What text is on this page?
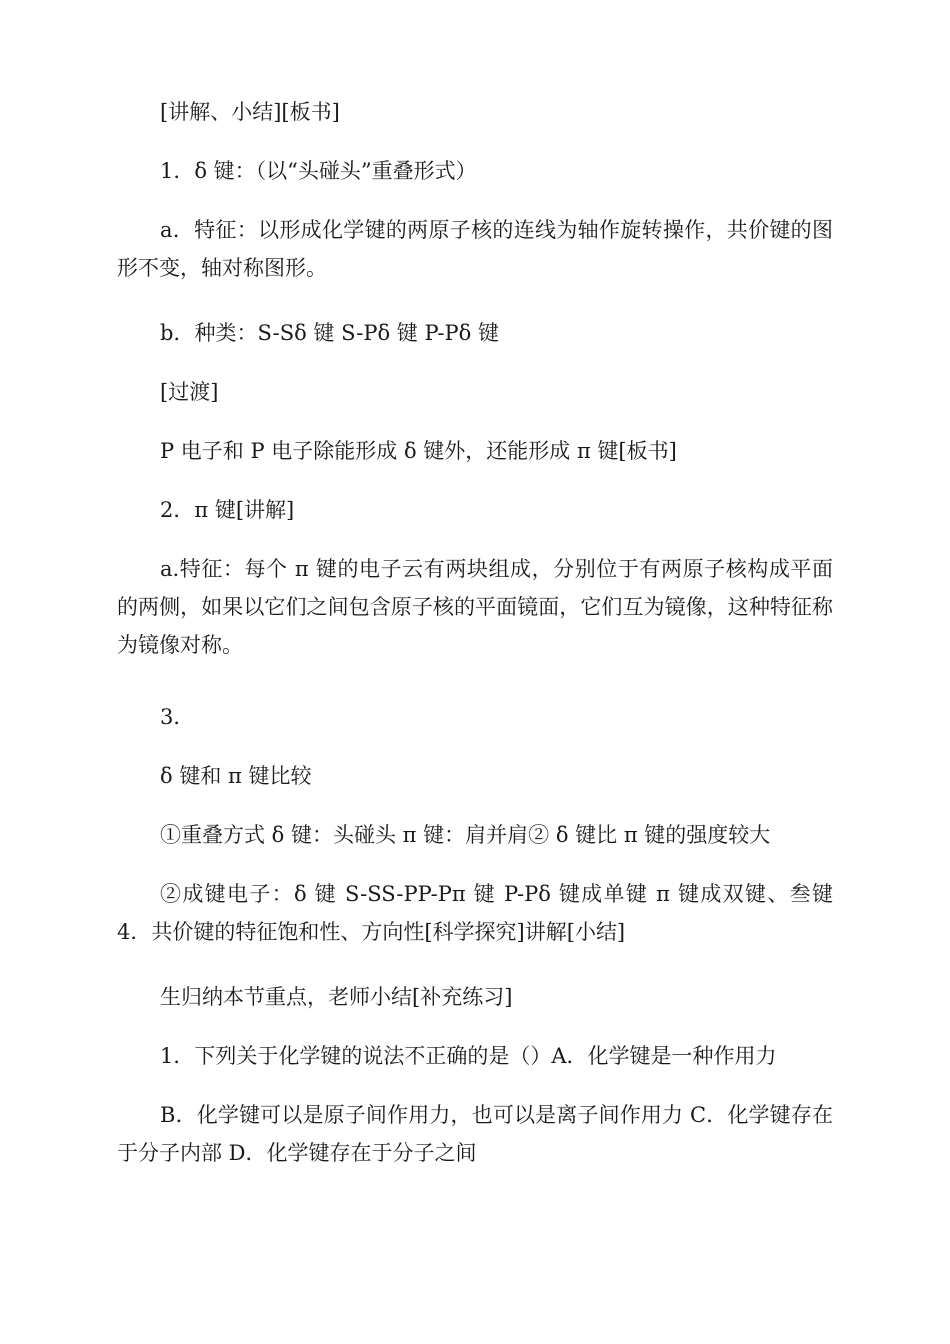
[讲解、小结][板书]
1．δ 键：（以“头碰头”重叠形式）
a．特征：以形成化学键的两原子核的连线为轴作旋转操作，共价键的图形不变，轴对称图形。
b．种类：S-Sδ 键 S-Pδ 键 P-Pδ 键
[过渡]
P 电子和 P 电子除能形成 δ 键外，还能形成 π 键[板书]
2．π 键[讲解]
a.特征：每个 π 键的电子云有两块组成，分别位于有两原子核构成平面的两侧，如果以它们之间包含原子核的平面镜面，它们互为镜像，这种特征称为镜像对称。
3．
δ 键和 π 键比较
①重叠方式 δ 键：头碰头 π 键：肩并肩② δ 键比 π 键的强度较大
②成键电子：δ 键 S-SS-PP-Pπ 键 P-Pδ 键成单键 π 键成双键、叁键 4．共价键的特征饱和性、方向性[科学探究]讲解[小结]
生归纳本节重点，老师小结[补充练习]
1．下列关于化学键的说法不正确的是（）A．化学键是一种作用力
B．化学键可以是原子间作用力，也可以是离子间作用力 C．化学键存在于分子内部 D．化学键存在于分子之间
